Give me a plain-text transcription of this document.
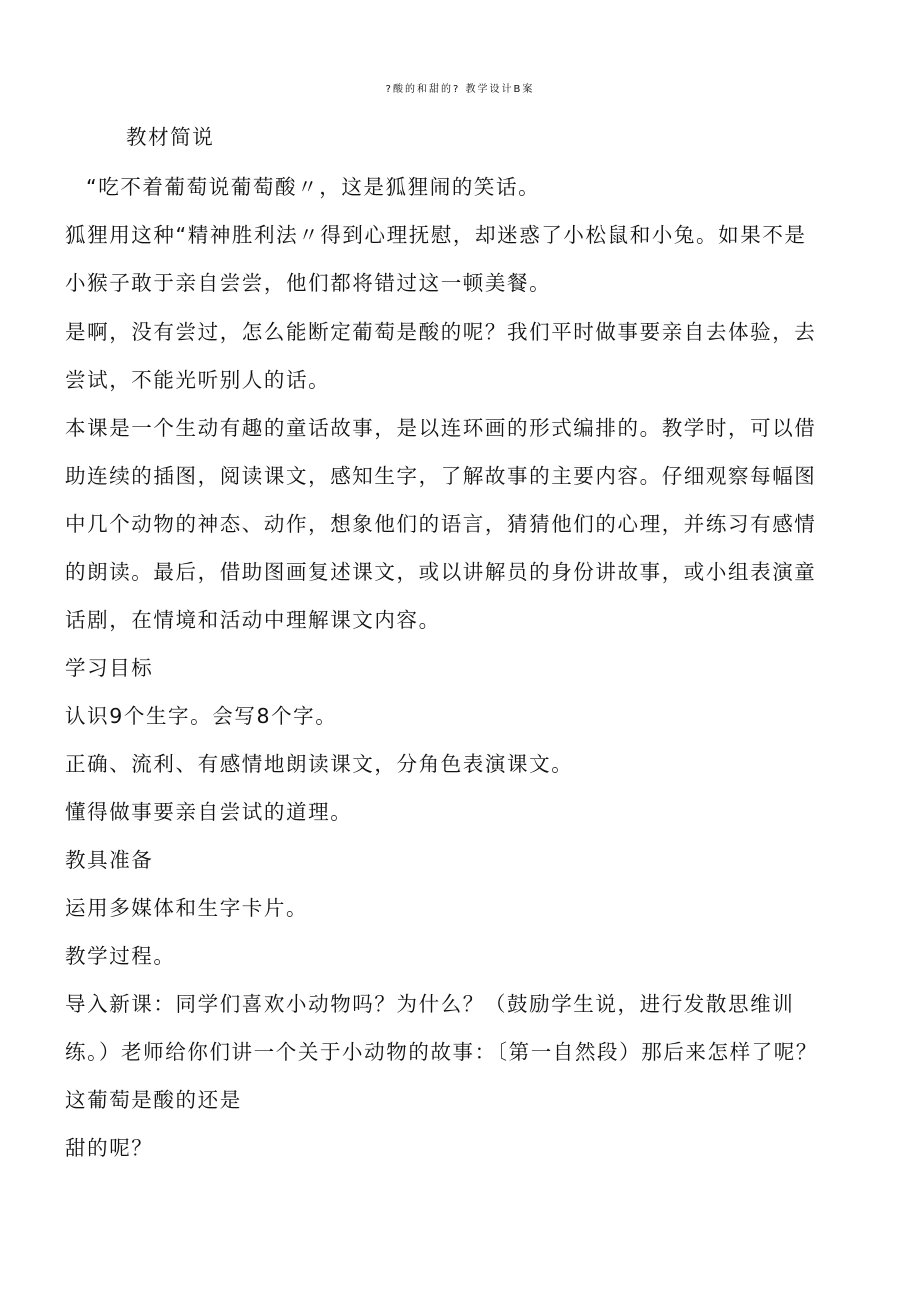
?酸的和甜的? 教学设计B案
教材简说
“吃不着葡萄说葡萄酸〃，这是狐狸闹的笑话。
狐狸用这种“精神胜利法〃得到心理抚慰，却迷惑了小松鼠和小兔。如果不是
小猴子敢于亲自尝尝，他们都将错过这一顿美餐。
是啊，没有尝过，怎么能断定葡萄是酸的呢？我们平时做事要亲自去体验，去
尝试，不能光听别人的话。
本课是一个生动有趣的童话故事，是以连环画的形式编排的。教学时，可以借
助连续的插图，阅读课文，感知生字，了解故事的主要内容。仔细观察每幅图
中几个动物的神态、动作，想象他们的语言，猜猜他们的心理，并练习有感情
的朗读。最后，借助图画复述课文，或以讲解员的身份讲故事，或小组表演童
话剧，在情境和活动中理解课文内容。
学习目标
认识9个生字。会写8个字。
正确、流利、有感情地朗读课文，分角色表演课文。
懂得做事要亲自尝试的道理。
教具准备
运用多媒体和生字卡片。
教学过程。
导入新课：同学们喜欢小动物吗？为什么？（鼓励学生说，进行发散思维训
练。）老师给你们讲一个关于小动物的故事：〔第一自然段）那后来怎样了呢？
这葡萄是酸的还是
甜的呢？
